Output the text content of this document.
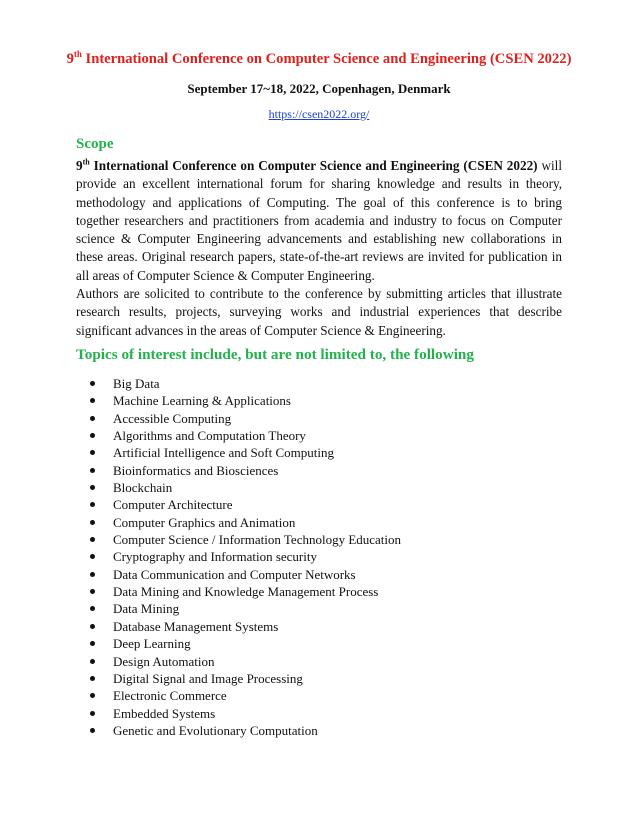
9th International Conference on Computer Science and Engineering (CSEN 2022)
September 17~18, 2022, Copenhagen, Denmark
https://csen2022.org/
Scope
9th International Conference on Computer Science and Engineering (CSEN 2022) will provide an excellent international forum for sharing knowledge and results in theory, methodology and applications of Computing. The goal of this conference is to bring together researchers and practitioners from academia and industry to focus on Computer science & Computer Engineering advancements and establishing new collaborations in these areas. Original research papers, state-of-the-art reviews are invited for publication in all areas of Computer Science & Computer Engineering.
Authors are solicited to contribute to the conference by submitting articles that illustrate research results, projects, surveying works and industrial experiences that describe significant advances in the areas of Computer Science & Engineering.
Topics of interest include, but are not limited to, the following
Big Data
Machine Learning & Applications
Accessible Computing
Algorithms and Computation Theory
Artificial Intelligence and Soft Computing
Bioinformatics and Biosciences
Blockchain
Computer Architecture
Computer Graphics and Animation
Computer Science / Information Technology Education
Cryptography and Information security
Data Communication and Computer Networks
Data Mining and Knowledge Management Process
Data Mining
Database Management Systems
Deep Learning
Design Automation
Digital Signal and Image Processing
Electronic Commerce
Embedded Systems
Genetic and Evolutionary Computation
